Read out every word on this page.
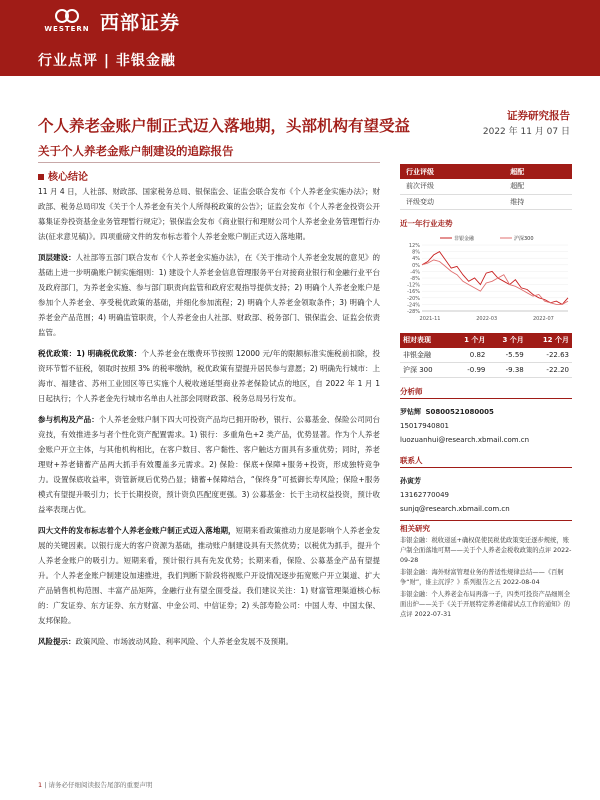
WESTERN 西部证券
行业点评 | 非银金融
个人养老金账户制正式迈入落地期，头部机构有望受益	证券研究报告
2022 年 11 月 07 日
关于个人养老金账户制建设的追踪报告
核心结论

11 月 4 日，人社部、财政部、国家税务总局、银保监会、证监会联合发布《个人养老金实施办法》；财政部、税务总局印发《关于个人养老金有关个人所得税政策的公告》；证监会发布《个人养老金投资公开募集证券投资基金业务管理暂行规定》；银保监会发布《商业银行和理财公司个人养老金业务管理暂行办法(征求意见稿)》。四项重磅文件的发布标志着个人养老金账户制正式迈入落地期。

顶层建设：人社部等五部门联合发布《个人养老金实施办法》，在《关于推动个人养老金发展的意见》的基础上进一步明确账户制实施细则：1) 建设个人养老金信息管理服务平台对接商业银行和金融行业平台及政府部门，为养老金实施、参与部门职责向监管和政府宏观指导提供支持；2) 明确个人养老金账户是参加个人养老金、享受税优政策的基础，并细化参加流程；2) 明确个人养老金领取条件；3) 明确个人养老金产品范围；4) 明确监管职责，个人养老金由人社部、财政部、税务部门、银保监会、证监会依责监管。

税优政策：1) 明确税优政策：个人养老金在缴费环节按照 12000 元/年的限额标准实施税前扣除，投资环节暂不征税，领取时按照 3% 的税率缴纳，税优政策有望提升居民参与意愿；2) 明确先行城市：上海市、福建省、苏州工业园区等已实施个人税收递延型商业养老保险试点的地区，自 2022 年 1 月 1 日起执行；个人养老金先行城市名单由人社部会同财政部、税务总局另行发布。

参与机构及产品：个人养老金账户制下四大可投资产品均已拥开盼秒，银行、公募基金、保险公司同台竞技，有效推进多与者个性化资产配置需求。1) 银行：多重角色+2 类产品，优势显著。作为个人养老金账户开立主体，与其他机构相比，在客户数目、客户黏性、客户触达方面具有多重优势；同时，养老理财+养老储蓄产品两大抓手有效覆盖多元需求。2) 保险：保底+保障+服务+投资，形成独特竞争力。设置保底收益率，资管新规后优势凸显；储蓄+保障结合，“保终身”可抵御长寿风险；保险+服务模式有望提升吸引力；长于长期投资，预计资负匹配度更强。3) 公募基金：长于主动权益投资，预计收益率表现占优。

四大文件的发布标志着个人养老金账户制正式迈入落地期，短期来看政策推动力度是影响个人养老金发展的关键因素。以银行庞大的客户资源为基础，推动账户制建设具有天然优势；以税优为抓手，提升个人养老金账户的吸引力。短期来看，预计银行具有先发优势；长期来看，保险、公募基金产品有望提升。个人养老金账户制建设加速推进，我们判断下阶段将视账户开设情况逐步拓宽账户开立渠道、扩大产品销售机构范围、丰富产品矩阵，金融行业有望全面受益。我们建议关注：1) 财富管理渠道核心标的：广发证券、东方证券、东方财富、中金公司、中信证券；2) 头部寿险公司：中国人寿、中国太保、友邦保险。

风险提示：政策风险、市场波动风险、利率风险、个人养老金发展不及预期。

行业评级	超配
前次评级	超配
评级变动	维持
近一年行业走势
12%
8%
4%
0%
-4%
-8%
-12%
-16%
-20%
-24%
-28%
2021-11	2022-03	2022-07
非银金融	沪深300
相对表现	1 个月	3 个月	12 个月
非银金融	0.82	-5.59	-22.63
沪深 300	-0.99	-9.38	-22.20
分析师
罗钻辉 S0800521080005
15017940801
luozuanhui@research.xbmail.com.cn
联系人
孙寅芳
13162770049
sunjq@research.xbmail.com.cn
相关研究
非银金融：税收递延+确权促使民税优政策变迁逐步规统，账户制全面落地可期——关于个人养老金税收政策的点评 2022-09-28
非银金融：海外财富管理业务的普适性规律总结——《百舸争“财”，谁主沉浮？》系列报告之五 2022-08-04
非银金融：个人养老金布局再落一子，四类可投资产品细则全面出炉——关于《关于开展特定养老储蓄试点工作的通知》的点评 2022-07-31
1 | 请务必仔细阅读报告尾部的重要声明
